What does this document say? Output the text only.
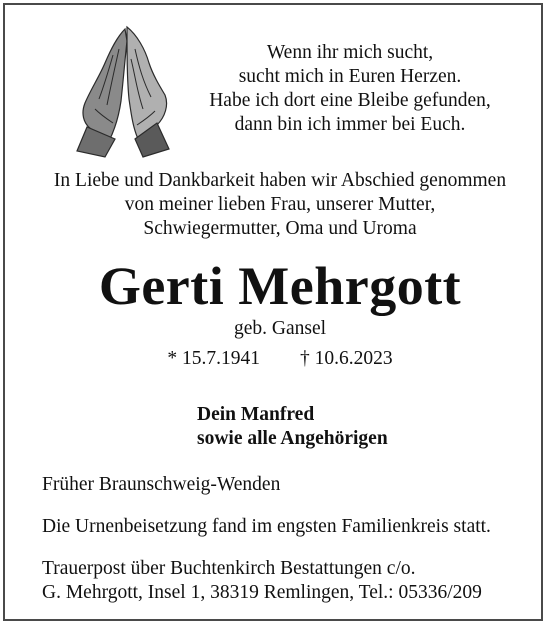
Wenn ihr mich sucht,
sucht mich in Euren Herzen.
Habe ich dort eine Bleibe gefunden,
dann bin ich immer bei Euch.
In Liebe und Dankbarkeit haben wir Abschied genommen
von meiner lieben Frau, unserer Mutter,
Schwiegermutter, Oma und Uroma
Gerti Mehrgott
geb. Gansel
* 15.7.1941 † 10.6.2023
Dein Manfred
sowie alle Angehörigen
Früher Braunschweig-Wenden
Die Urnenbeisetzung fand im engsten Familienkreis statt.
Trauerpost über Buchtenkirch Bestattungen c/o.
G. Mehrgott, Insel 1, 38319 Remlingen, Tel.: 05336/209
